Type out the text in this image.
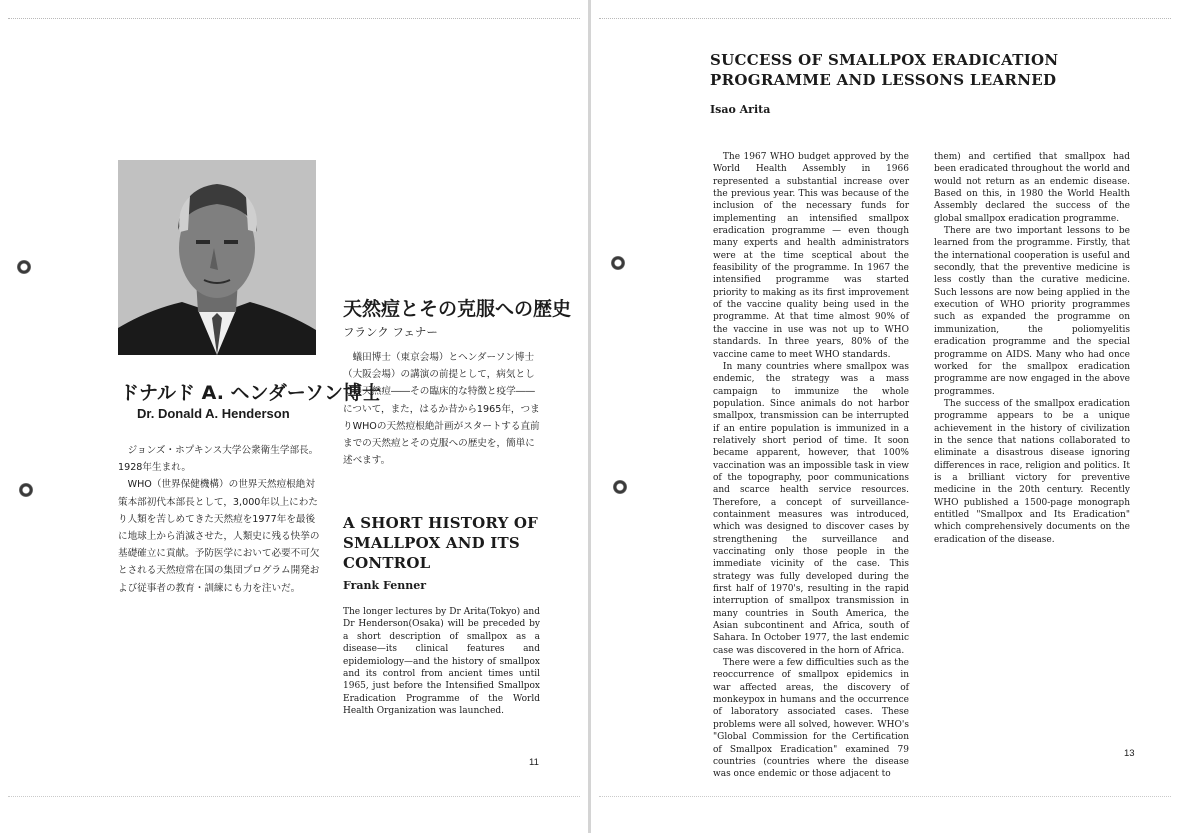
ドナルド A. ヘンダーソン博士
Dr. Donald A. Henderson

ジョンズ・ホプキンス大学公衆衛生学部長。1928年生まれ。

WHO（世界保健機構）の世界天然痘根絶対策本部初代本部長として，3,000年以上にわたり人類を苦しめてきた天然痘を1977年を最後に地球上から消滅させた，人類史に残る快挙の基礎確立に貢献。予防医学において必要不可欠とされる天然痘常在国の集団プログラム開発および従事者の教育・訓練にも力を注いだ。

天然痘とその克服への歴史
フランク フェナー

蟻田博士（東京会場）とヘンダーソン博士（大阪会場）の講演の前提として，病気としての天然痘――その臨床的な特徴と疫学――について，また，はるか昔から1965年，つまりWHOの天然痘根絶計画がスタートする直前までの天然痘とその克服への歴史を，簡単に述べます。

A SHORT HISTORY OF SMALLPOX AND ITS CONTROL
Frank Fenner

The longer lectures by Dr Arita(Tokyo) and Dr Henderson(Osaka) will be preceded by a short description of smallpox as a disease—its clinical features and epidemiology—and the history of smallpox and its control from ancient times until 1965, just before the Intensified Smallpox Eradication Programme of the World Health Organization was launched.

11
SUCCESS OF SMALLPOX ERADICATION PROGRAMME AND LESSONS LEARNED
Isao Arita

The 1967 WHO budget approved by the World Health Assembly in 1966 represented a substantial increase over the previous year. This was because of the inclusion of the necessary funds for implementing an intensified smallpox eradication programme — even though many experts and health administrators were at the time sceptical about the feasibility of the programme. In 1967 the intensified programme was started priority to making as its first improvement of the vaccine quality being used in the programme. At that time almost 90% of the vaccine in use was not up to WHO standards. In three years, 80% of the vaccine came to meet WHO standards.

In many countries where smallpox was endemic, the strategy was a mass campaign to immunize the whole population. Since animals do not harbor smallpox, transmission can be interrupted if an entire population is immunized in a relatively short period of time. It soon became apparent, however, that 100% vaccination was an impossible task in view of the topography, poor communications and scarce health service resources. Therefore, a concept of surveillance-containment measures was introduced, which was designed to discover cases by strengthening the surveillance and vaccinating only those people in the immediate vicinity of the case. This strategy was fully developed during the first half of 1970's, resulting in the rapid interruption of smallpox transmission in many countries in South America, the Asian subcontinent and Africa, south of Sahara. In October 1977, the last endemic case was discovered in the horn of Africa.

There were a few difficulties such as the reoccurrence of smallpox epidemics in war affected areas, the discovery of monkeypox in humans and the occurrence of laboratory associated cases. These problems were all solved, however. WHO's "Global Commission for the Certification of Smallpox Eradication" examined 79 countries (countries where the disease was once endemic or those adjacent to

them) and certified that smallpox had been eradicated throughout the world and would not return as an endemic disease. Based on this, in 1980 the World Health Assembly declared the success of the global smallpox eradication programme.

There are two important lessons to be learned from the programme. Firstly, that the international cooperation is useful and secondly, that the preventive medicine is less costly than the curative medicine. Such lessons are now being applied in the execution of WHO priority programmes such as expanded the programme on immunization, the poliomyelitis eradication programme and the special programme on AIDS. Many who had once worked for the smallpox eradication programme are now engaged in the above programmes.

The success of the smallpox eradication programme appears to be a unique achievement in the history of civilization in the sence that nations collaborated to eliminate a disastrous disease ignoring differences in race, religion and politics. It is a brilliant victory for preventive medicine in the 20th century. Recently WHO published a 1500-page monograph entitled "Smallpox and Its Eradication" which comprehensively documents on the eradication of the disease.

13
